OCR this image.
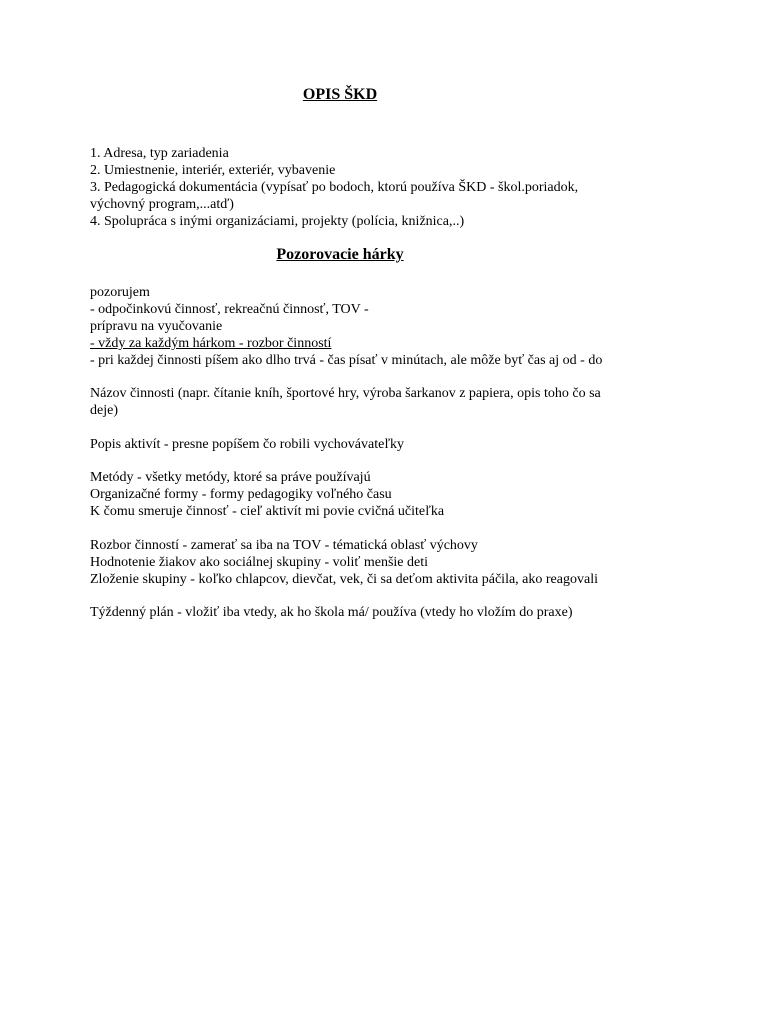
OPIS ŠKD
1. Adresa, typ zariadenia
2. Umiestnenie, interiér, exteriér, vybavenie
3. Pedagogická dokumentácia (vypísať po bodoch, ktorú používa ŠKD - škol.poriadok,
výchovný program,...atď)
4. Spolupráca s inými organizáciami, projekty (polícia, knižnica,..)
Pozorovacie hárky
pozorujem
- odpočinkovú činnosť, rekreačnú činnosť, TOV -
prípravu na vyučovanie
- vždy za každým hárkom - rozbor činností
- pri každej činnosti píšem ako dlho trvá - čas písať v minútach, ale môže byť čas aj od - do
Názov činnosti (napr. čítanie kníh, športové hry, výroba šarkanov z papiera, opis toho čo sa
deje)
Popis aktivít - presne popíšem čo robili vychovávateľky
Metódy - všetky metódy, ktoré sa práve používajú
Organizačné formy - formy pedagogiky voľného času
K čomu smeruje činnosť - cieľ aktivít mi povie cvičná učiteľka
Rozbor činností - zamerať sa iba na TOV - tématická oblasť výchovy
Hodnotenie žiakov ako sociálnej skupiny - voliť menšie deti
Zloženie skupiny - koľko chlapcov, dievčat, vek, či sa deťom aktivita páčila, ako reagovali
Týždenný plán - vložiť iba vtedy, ak ho škola má/ používa (vtedy ho vložím do praxe)
